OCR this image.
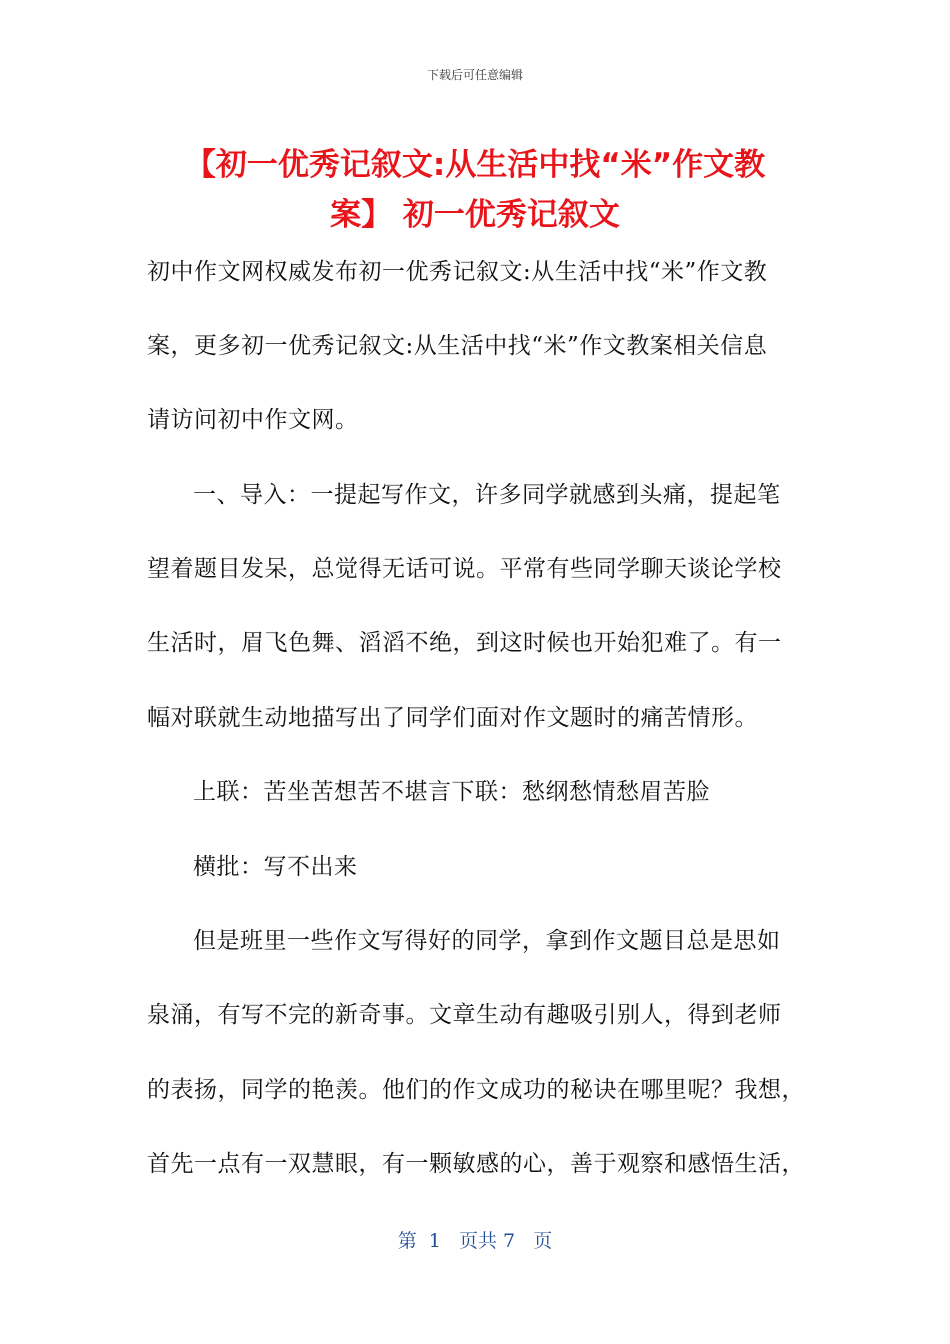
下载后可任意编辑
【初一优秀记叙文:从生活中找“米”作文教
案】 初一优秀记叙文
初中作文网权威发布初一优秀记叙文:从生活中找“米”作文教
案，更多初一优秀记叙文:从生活中找“米”作文教案相关信息
请访问初中作文网。
一、导入：一提起写作文，许多同学就感到头痛，提起笔
望着题目发呆，总觉得无话可说。平常有些同学聊天谈论学校
生活时，眉飞色舞、滔滔不绝，到这时候也开始犯难了。有一
幅对联就生动地描写出了同学们面对作文题时的痛苦情形。
上联：苦坐苦想苦不堪言下联：愁纲愁情愁眉苦脸
横批：写不出来
但是班里一些作文写得好的同学，拿到作文题目总是思如
泉涌，有写不完的新奇事。文章生动有趣吸引别人，得到老师
的表扬，同学的艳羡。他们的作文成功的秘诀在哪里呢？我想，
首先一点有一双慧眼，有一颗敏感的心，善于观察和感悟生活，
第  1   页共 7   页
